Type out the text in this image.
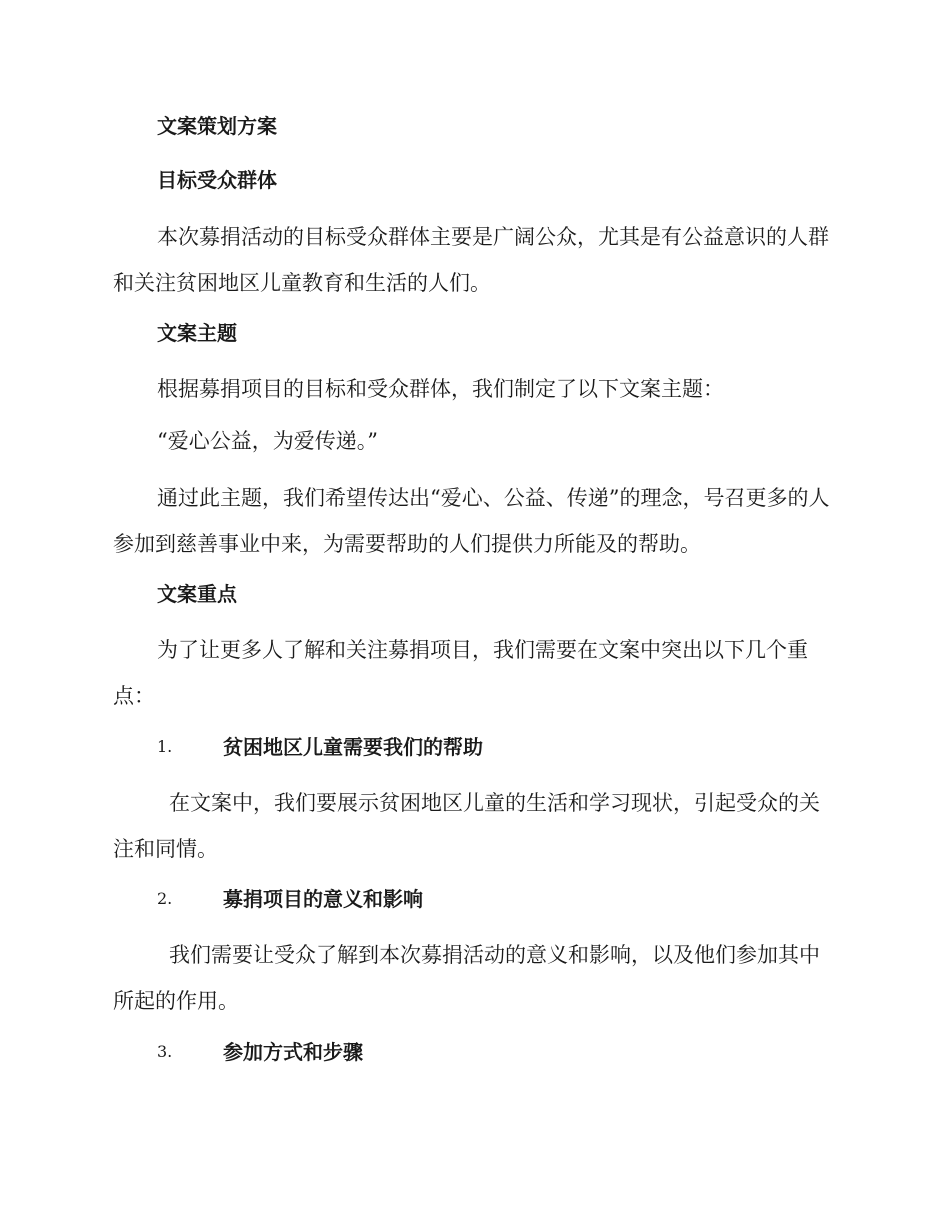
文案策划方案

目标受众群体

本次募捐活动的目标受众群体主要是广阔公众，尤其是有公益意识的人群和关注贫困地区儿童教育和生活的人们。

文案主题

根据募捐项目的目标和受众群体，我们制定了以下文案主题：

“爱心公益，为爱传递。”

通过此主题，我们希望传达出“爱心、公益、传递”的理念，号召更多的人参加到慈善事业中来，为需要帮助的人们提供力所能及的帮助。

文案重点

为了让更多人了解和关注募捐项目，我们需要在文案中突出以下几个重点：

1.	贫困地区儿童需要我们的帮助

在文案中，我们要展示贫困地区儿童的生活和学习现状，引起受众的关注和同情。

2.	募捐项目的意义和影响

我们需要让受众了解到本次募捐活动的意义和影响，以及他们参加其中所起的作用。

3.	参加方式和步骤
